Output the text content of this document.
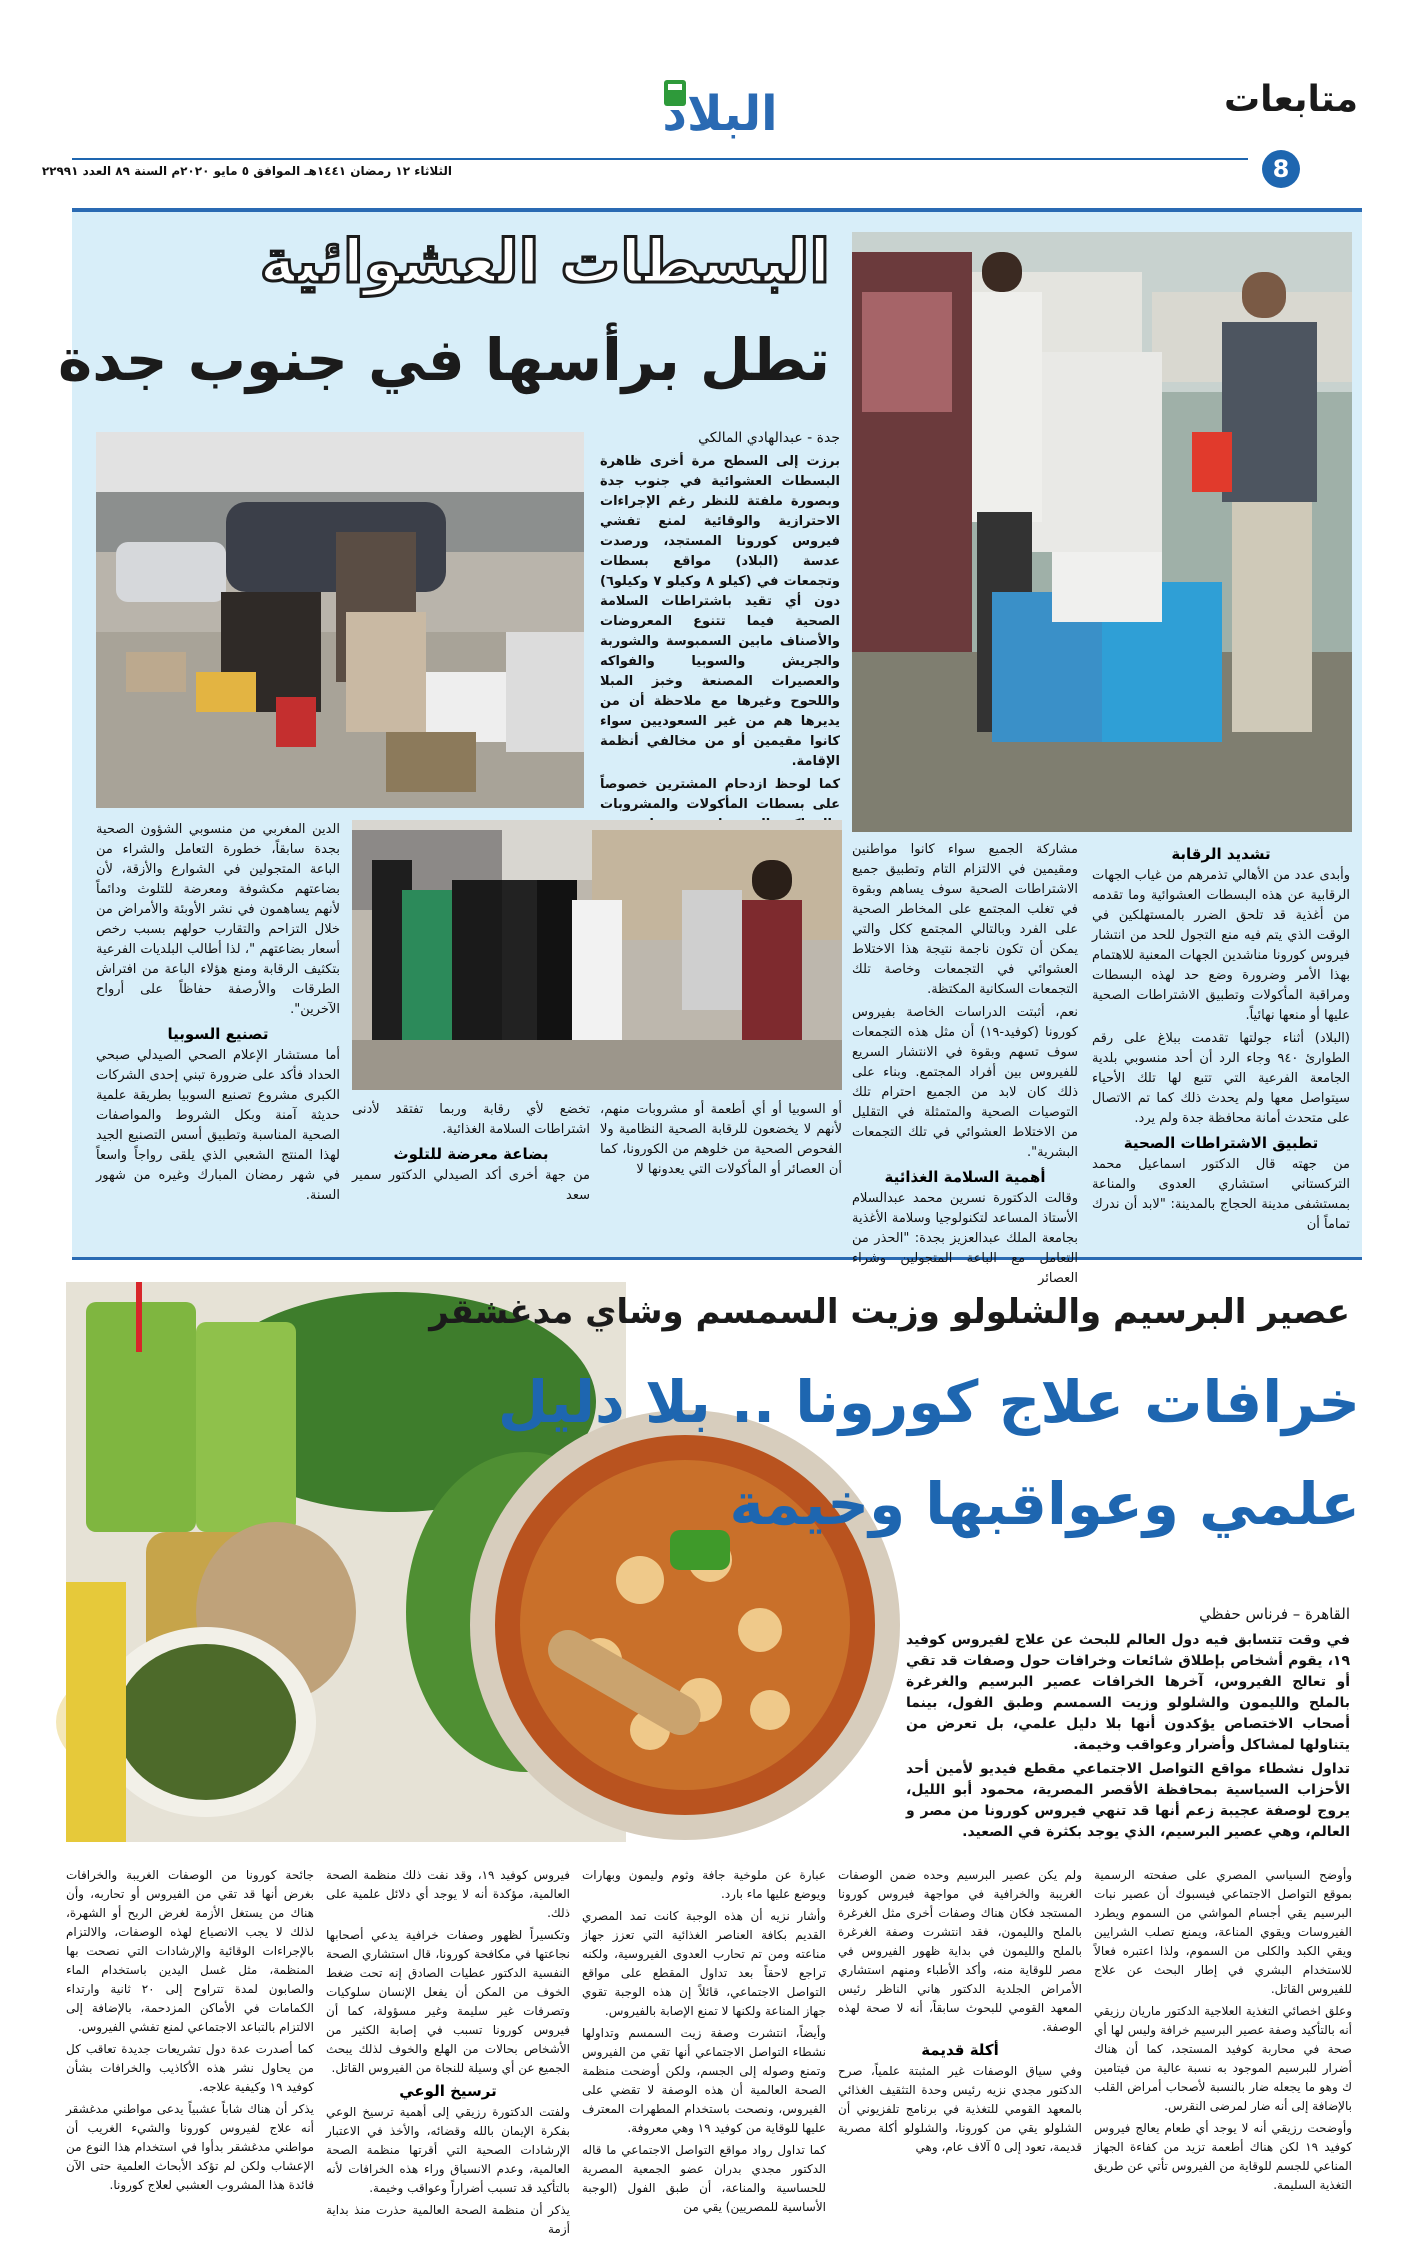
متابعات
8
البلاد
الثلاثاء ١٢ رمضان ١٤٤١هـ الموافق ٥ مايو ٢٠٢٠م السنة ٨٩ العدد ٢٢٩٩١
البسطات العشوائية
تطل برأسها في جنوب جدة
جدة - عبدالهادي المالكي

برزت إلى السطح مرة أخرى ظاهرة البسطات العشوائية في جنوب جدة وبصورة ملفتة للنظر رغم الإجراءات الاحترازية والوقائية لمنع تفشي فيروس كورونا المستجد، ورصدت عدسة (البلاد) مواقع بسطات وتجمعات في (كيلو ٨ وكيلو ٧ وكيلو٦) دون أي تقيد باشتراطات السلامة الصحية فيما تتنوع المعروضات والأصناف مابين السمبوسة والشوربة والجريش والسوبيا والفواكه والعصيرات المصنعة وخبز المبلا واللحوح وغيرها مع ملاحظة أن من يديرها هم من غير السعوديين سواء كانوا مقيمين أو من مخالفي أنظمة الإقامة.

كما لوحظ ازدحام المشترين خصوصاً على بسطات المأكولات والمشروبات

تشديد الرقابة

وأبدى عدد من الأهالي تذمرهم من غياب الجهات الرقابية عن هذه البسطات العشوائية وما تقدمه من أغذية قد تلحق الضرر بالمستهلكين في الوقت الذي يتم فيه منع التجول للحد من انتشار فيروس كورونا مناشدين الجهات المعنية للاهتمام بهذا الأمر وضرورة وضع حد لهذه البسطات ومراقبة المأكولات وتطبيق الاشتراطات الصحية عليها أو منعها نهائياً.

(البلاد) أثناء جولتها تقدمت ببلاغ على رقم الطوارئ ٩٤٠ وجاء الرد أن أحد منسوبي بلدية الجامعة الفرعية التي تتبع لها تلك الأحياء سيتواصل معها ولم يحدث ذلك كما تم الاتصال على متحدث أمانة محافظة جدة ولم يرد.

تطبيق الاشتراطات الصحية

من جهته قال الدكتور اسماعيل محمد التركستاني استشاري العدوى والمناعة بمستشفى مدينة الحجاج بالمدينة: "لابد أن ندرك تماماً أن

مشاركة الجميع سواء كانوا مواطنين ومقيمين في الالتزام التام وتطبيق جميع الاشتراطات الصحية سوف يساهم وبقوة في تغلب المجتمع على المخاطر الصحية على الفرد وبالتالي المجتمع ككل والتي يمكن أن تكون ناجمة نتيجة هذا الاختلاط العشوائي في التجمعات وخاصة تلك التجمعات السكانية المكتظة.

نعم، أثبتت الدراسات الخاصة بفيروس كورونا (كوفيد-١٩) أن مثل هذه التجمعات سوف تسهم وبقوة في الانتشار السريع للفيروس بين أفراد المجتمع. وبناء على ذلك كان لابد من الجميع احترام تلك التوصيات الصحية والمتمثلة في التقليل من الاختلاط العشوائي في تلك التجمعات البشرية".

أهمية السلامة الغذائية

وقالت الدكتورة نسرين محمد عبدالسلام الأستاذ المساعد لتكنولوجيا وسلامة الأغذية بجامعة الملك عبدالعزيز بجدة: "الحذر من التعامل مع الباعة المتجولين وشراء العصائر

أو السوبيا أو أي أطعمة أو مشروبات منهم، لأنهم لا يخضعون للرقابة الصحية النظامية ولا الفحوص الصحية من خلوهم من الكورونا، كما أن العصائر أو المأكولات التي يعدونها لا

تخضع لأي رقابة وربما تفتقد لأدنى اشتراطات السلامة الغذائية.

بضاعة معرضة للتلوث

من جهة أخرى أكد الصيدلي الدكتور سمير سعد

الدين المغربي من منسوبي الشؤون الصحية بجدة سابقاً، خطورة التعامل والشراء من الباعة المتجولين في الشوارع والأزقة، لأن بضاعتهم مكشوفة ومعرضة للتلوث ودائماً لأنهم يساهمون في نشر الأوبئة والأمراض من خلال التزاحم والتقارب حولهم بسبب رخص أسعار بضاعتهم "، لذا أطالب البلديات الفرعية بتكثيف الرقابة ومنع هؤلاء الباعة من افتراش الطرقات والأرصفة حفاظاً على أرواح الآخرين".

تصنيع السوبيا

أما مستشار الإعلام الصحي الصيدلي صبحي الحداد فأكد على ضرورة تبني إحدى الشركات الكبرى مشروع تصنيع السوبيا بطريقة علمية حديثة آمنة وبكل الشروط والمواصفات الصحية المناسبة وتطبيق أسس التصنيع الجيد لهذا المنتج الشعبي الذي يلقى رواجاً واسعاً في شهر رمضان المبارك وغيره من شهور السنة.

عصير البرسيم والشلولو وزيت السمسم وشاي مدغشقر
خرافات علاج كورونا .. بلا دليل
علمي وعواقبها وخيمة
القاهرة – فرناس حفظي

في وقت تتسابق فيه دول العالم للبحث عن علاج لفيروس كوفيد ١٩، يقوم أشخاص بإطلاق شائعات وخرافات حول وصفات قد تقي أو تعالج الفيروس، آخرها الخرافات عصير البرسيم والغرغرة بالملح والليمون والشلولو وزيت السمسم وطبق الفول، بينما أصحاب الاختصاص يؤكدون أنها بلا دليل علمي، بل تعرض من يتناولها لمشاكل وأضرار وعواقب وخيمة.

تداول نشطاء مواقع التواصل الاجتماعي مقطع فيديو لأمين أحد الأحزاب السياسية بمحافظة الأقصر المصرية، محمود أبو الليل، يروج لوصفة عجيبة زعم أنها قد تنهي فيروس كورونا من مصر و العالم، وهي عصير البرسيم، الذي يوجد بكثرة في الصعيد.

وأوضح السياسي المصري على صفحته الرسمية بموقع التواصل الاجتماعي فيسبوك أن عصير نبات البرسيم يقي أجسام المواشي من السموم ويطرد الفيروسات ويقوي المناعة، ويمنع تصلب الشرايين ويقي الكبد والكلى من السموم، ولذا اعتبره فعالاً للاستخدام البشري في إطار البحث عن علاج للفيروس القاتل.

وعلق اخصائي التغذية العلاجية الدكتور ماريان رزيقي أنه بالتأكيد وصفة عصير البرسيم خرافة وليس لها أي صحة في محاربة كوفيد المستجد، كما أن هناك أضرار للبرسيم الموجود به نسبة عالية من فيتامين ك وهو ما يجعله ضار بالنسبة لأصحاب أمراض القلب بالإضافة إلى أنه ضار لمرضى النقرس.

وأوضحت رزيقي أنه لا يوجد أي طعام يعالج فيروس كوفيد ١٩ لكن هناك أطعمة تزيد من كفاءة الجهاز المناعي للجسم للوقاية من الفيروس تأتي عن طريق التغذية السليمة.

ولم يكن عصير البرسيم وحده ضمن الوصفات الغريبة والخرافية في مواجهة فيروس كورونا المستجد فكان هناك وصفات أخرى مثل الغرغرة بالملح والليمون، فقد انتشرت وصفة الغرغرة بالملح والليمون في بداية ظهور الفيروس في مصر للوقاية منه، وأكد الأطباء ومنهم استشاري الأمراض الجلدية الدكتور هاني الناظر رئيس المعهد القومي للبحوث سابقاً، أنه لا صحة لهذه الوصفة.

أكلة قديمة

وفي سياق الوصفات غير المثبتة علمياً، صرح الدكتور مجدي نزيه رئيس وحدة التثقيف الغذائي بالمعهد القومي للتغذية في برنامج تلفزيوني أن الشلولو يقي من كورونا، والشلولو أكلة مصرية قديمة، تعود إلى ٥ آلاف عام، وهي

عبارة عن ملوخية جافة وثوم وليمون وبهارات ويوضع عليها ماء بارد.

وأشار نزيه أن هذه الوجبة كانت تمد المصري القديم بكافة العناصر الغذائية التي تعزز جهاز مناعته ومن تم تحارب العدوى الفيروسية، ولكنه تراجع لاحقاً بعد تداول المقطع على مواقع التواصل الاجتماعي، قائلاً إن هذه الوجبة تقوي جهاز المناعة ولكنها لا تمنع الإصابة بالفيروس.

وأيضاً، انتشرت وصفة زيت السمسم وتداولها نشطاء التواصل الاجتماعي أنها تقي من الفيروس وتمنع وصوله إلى الجسم، ولكن أوضحت منظمة الصحة العالمية أن هذه الوصفة لا تقضي على الفيروس، ونصحت باستخدام المطهرات المعترف عليها للوقاية من كوفيد ١٩ وهي معروفة.

كما تداول رواد مواقع التواصل الاجتماعي ما قاله الدكتور مجدي بدران عضو الجمعية المصرية للحساسية والمناعة، أن طبق الفول (الوجبة الأساسية للمصريين) يقي من

فيروس كوفيد ١٩، وقد نفت ذلك منظمة الصحة العالمية، مؤكدة أنه لا يوجد أي دلائل علمية على ذلك.

وتكسيراً لظهور وصفات خرافية يدعي أصحابها نجاعتها في مكافحة كورونا، قال استشاري الصحة النفسية الدكتور عطيات الصادق إنه تحت ضغط الخوف من المكن أن يفعل الإنسان سلوكيات وتصرفات غير سليمة وغير مسؤولة، كما أن فيروس كورونا تسبب في إصابة الكثير من الأشخاص بحالات من الهلع والخوف لذلك يبحث الجميع عن أي وسيلة للنجاة من الفيروس القاتل.

ترسيخ الوعي

ولفتت الدكتورة رزيقي إلى أهمية ترسيخ الوعي بفكرة الإيمان بالله وقضائه، والأخذ في الاعتبار الإرشادات الصحية التي أقرتها منظمة الصحة العالمية، وعدم الانسياق وراء هذه الخرافات لأنه بالتأكيد قد تسبب أضراراً وعواقب وخيمة.

يذكر أن منظمة الصحة العالمية حذرت منذ بداية أزمة

جائحة كورونا من الوصفات الغريبة والخرافات بغرض أنها قد تقي من الفيروس أو تحاربه، وأن هناك من يستغل الأزمة لغرض الربح أو الشهرة، لذلك لا يجب الانصياع لهذه الوصفات، والالتزام بالإجراءات الوقائية والإرشادات التي نصحت بها المنظمة، مثل غسل اليدين باستخدام الماء والصابون لمدة تتراوح إلى ٢٠ ثانية وارتداء الكمامات في الأماكن المزدحمة، بالإضافة إلى الالتزام بالتباعد الاجتماعي لمنع تفشي الفيروس.

كما أصدرت عدة دول تشريعات جديدة تعاقب كل من يحاول نشر هذه الأكاذيب والخرافات بشأن كوفيد ١٩ وكيفية علاجه.

يذكر أن هناك شاباً عشبياً يدعى مواطني مدغشقر أنه علاج لفيروس كورونا والشيء الغريب أن مواطني مدغشقر بدأوا في استخدام هذا النوع من الإعشاب ولكن لم تؤكد الأبحاث العلمية حتى الآن فائدة هذا المشروب العشبي لعلاج كورونا.
